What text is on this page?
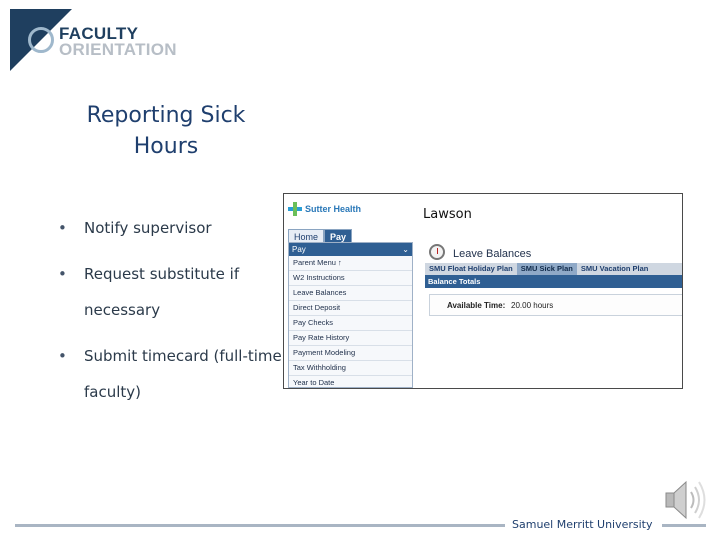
FACULTY
ORIENTATION
Reporting Sick
Hours
• Notify supervisor
• Request substitute if necessary
• Submit timecard (full-time faculty)
Sutter Health	Lawson
Home	Pay
Pay	⌄
Parent Menu ↑
W2 Instructions
Leave Balances
Direct Deposit
Pay Checks
Pay Rate History
Payment Modeling
Tax Withholding
Year to Date
Leave Balances
SMU Float Holiday Plan	SMU Sick Plan	SMU Vacation Plan
Balance Totals
Available Time: 20.00 hours
Samuel Merritt University
